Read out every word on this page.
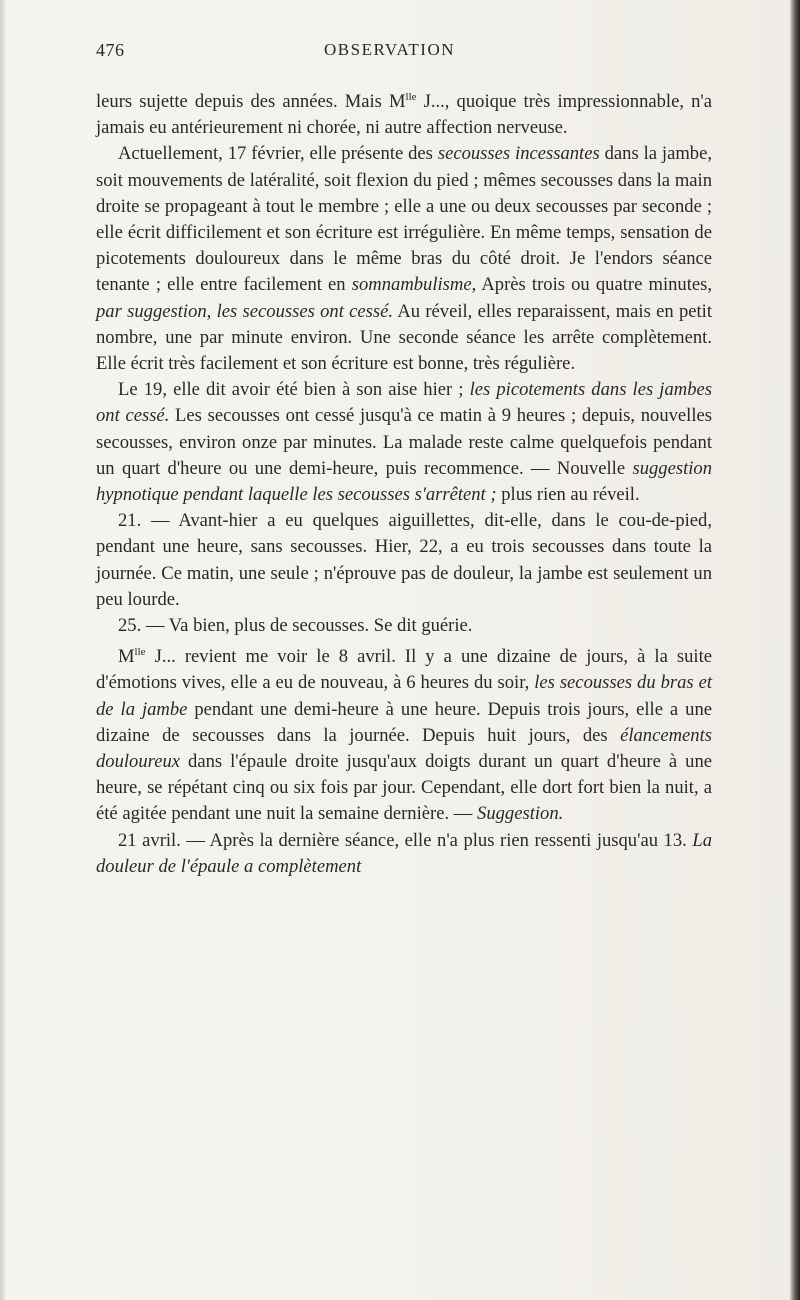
476	OBSERVATION

leurs sujette depuis des années. Mais $M^{lle}$ J..., quoique très impressionnable, n'a jamais eu antérieurement ni chorée, ni autre affection nerveuse.

Actuellement, 17 février, elle présente des secousses incessantes dans la jambe, soit mouvements de latéralité, soit flexion du pied ; mêmes secousses dans la main droite se propageant à tout le membre ; elle a une ou deux secousses par seconde ; elle écrit difficilement et son écriture est irrégulière. En même temps, sensation de picotements douloureux dans le même bras du côté droit. Je l'endors séance tenante ; elle entre facilement en somnambulisme, Après trois ou quatre minutes, par suggestion, les secousses ont cessé. Au réveil, elles reparaissent, mais en petit nombre, une par minute environ. Une seconde séance les arrête complètement. Elle écrit très facilement et son écriture est bonne, très régulière.

Le 19, elle dit avoir été bien à son aise hier ; les picotements dans les jambes ont cessé. Les secousses ont cessé jusqu'à ce matin à 9 heures ; depuis, nouvelles secousses, environ onze par minutes. La malade reste calme quelquefois pendant un quart d'heure ou une demi-heure, puis recommence. — Nouvelle suggestion hypnotique pendant laquelle les secousses s'arrêtent ; plus rien au réveil.

21. — Avant-hier a eu quelques aiguillettes, dit-elle, dans le cou-de-pied, pendant une heure, sans secousses. Hier, 22, a eu trois secousses dans toute la journée. Ce matin, une seule ; n'éprouve pas de douleur, la jambe est seulement un peu lourde.

25. — Va bien, plus de secousses. Se dit guérie.

$M^{lle}$ J... revient me voir le 8 avril. Il y a une dizaine de jours, à la suite d'émotions vives, elle a eu de nouveau, à 6 heures du soir, les secousses du bras et de la jambe pendant une demi-heure à une heure. Depuis trois jours, elle a une dizaine de secousses dans la journée. Depuis huit jours, des élancements douloureux dans l'épaule droite jusqu'aux doigts durant un quart d'heure à une heure, se répétant cinq ou six fois par jour. Cependant, elle dort fort bien la nuit, a été agitée pendant une nuit la semaine dernière. — Suggestion.

21 avril. — Après la dernière séance, elle n'a plus rien ressenti jusqu'au 13. La douleur de l'épaule a complètement
